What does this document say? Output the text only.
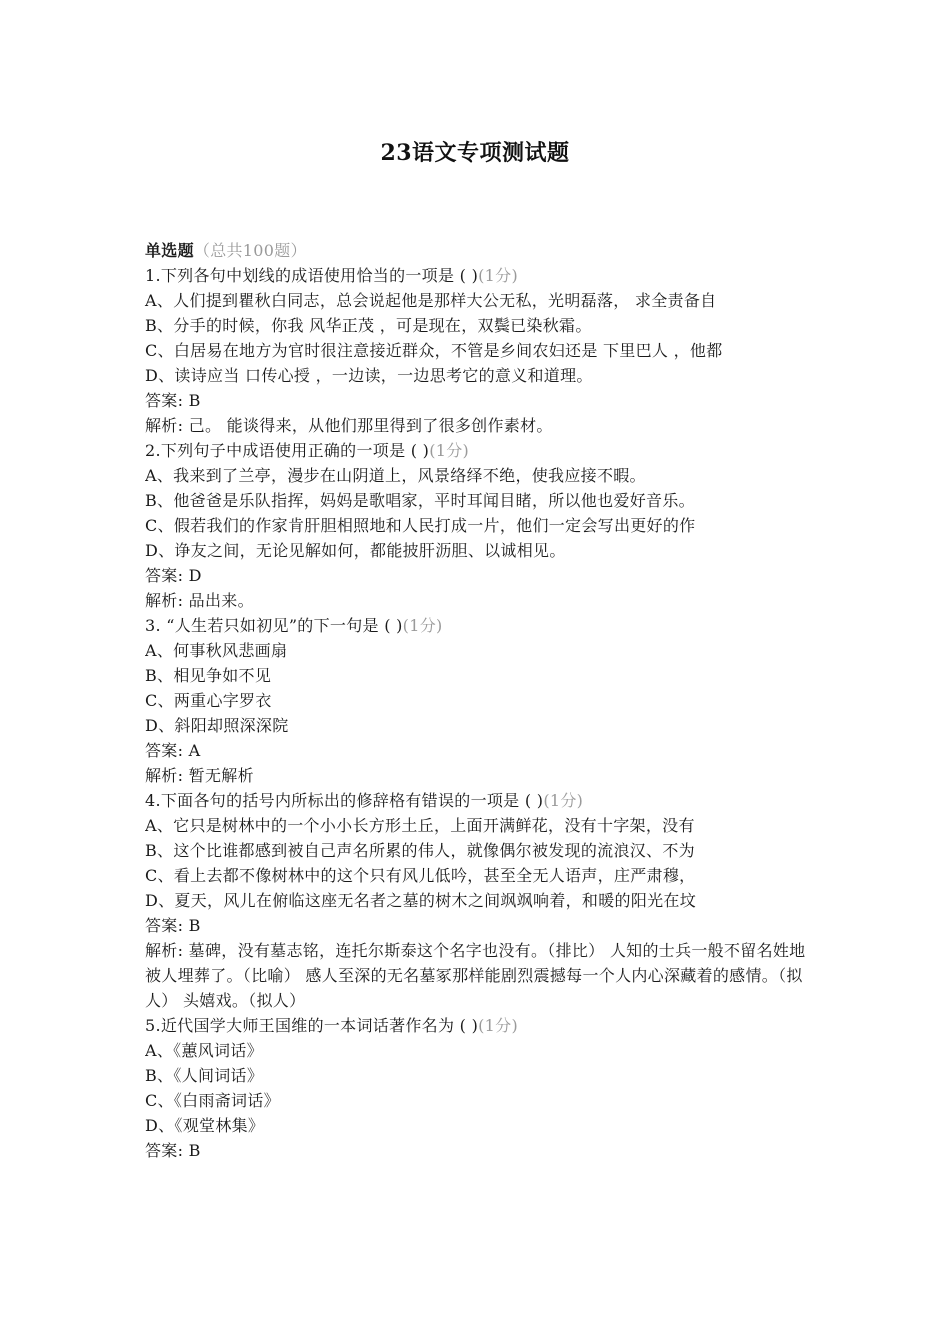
23语文专项测试题
单选题（总共100题）
1.下列各句中划线的成语使用恰当的一项是 ( )(1分)
A、人们提到瞿秋白同志，总会说起他是那样大公无私，光明磊落， 求全责备自
B、分手的时候，你我 风华正茂 ，可是现在，双鬓已染秋霜。
C、白居易在地方为官时很注意接近群众，不管是乡间农妇还是 下里巴人 ，他都
D、读诗应当 口传心授 ，一边读，一边思考它的意义和道理。
答案: B
解析: 己。 能谈得来，从他们那里得到了很多创作素材。
2.下列句子中成语使用正确的一项是 ( )(1分)
A、我来到了兰亭，漫步在山阴道上，风景络绎不绝，使我应接不暇。
B、他爸爸是乐队指挥，妈妈是歌唱家，平时耳闻目睹，所以他也爱好音乐。
C、假若我们的作家肯肝胆相照地和人民打成一片，他们一定会写出更好的作
D、诤友之间，无论见解如何，都能披肝沥胆、以诚相见。
答案: D
解析: 品出来。
3. “人生若只如初见”的下一句是 ( )(1分)
A、何事秋风悲画扇
B、相见争如不见
C、两重心字罗衣
D、斜阳却照深深院
答案: A
解析: 暂无解析
4.下面各句的括号内所标出的修辞格有错误的一项是 ( )(1分)
A、它只是树林中的一个小小长方形土丘，上面开满鲜花，没有十字架，没有
B、这个比谁都感到被自己声名所累的伟人，就像偶尔被发现的流浪汉、不为
C、看上去都不像树林中的这个只有风儿低吟，甚至全无人语声，庄严肃穆，
D、夏天，风儿在俯临这座无名者之墓的树木之间飒飒响着，和暖的阳光在坟
答案: B
解析: 墓碑，没有墓志铭，连托尔斯泰这个名字也没有。（排比） 人知的士兵一般不留名姓地被人埋葬了。（比喻） 感人至深的无名墓冢那样能剧烈震撼每一个人内心深藏着的感情。（拟人） 头嬉戏。（拟人）
5.近代国学大师王国维的一本词话著作名为 ( )(1分)
A、《蕙风词话》
B、《人间词话》
C、《白雨斋词话》
D、《观堂林集》
答案: B
